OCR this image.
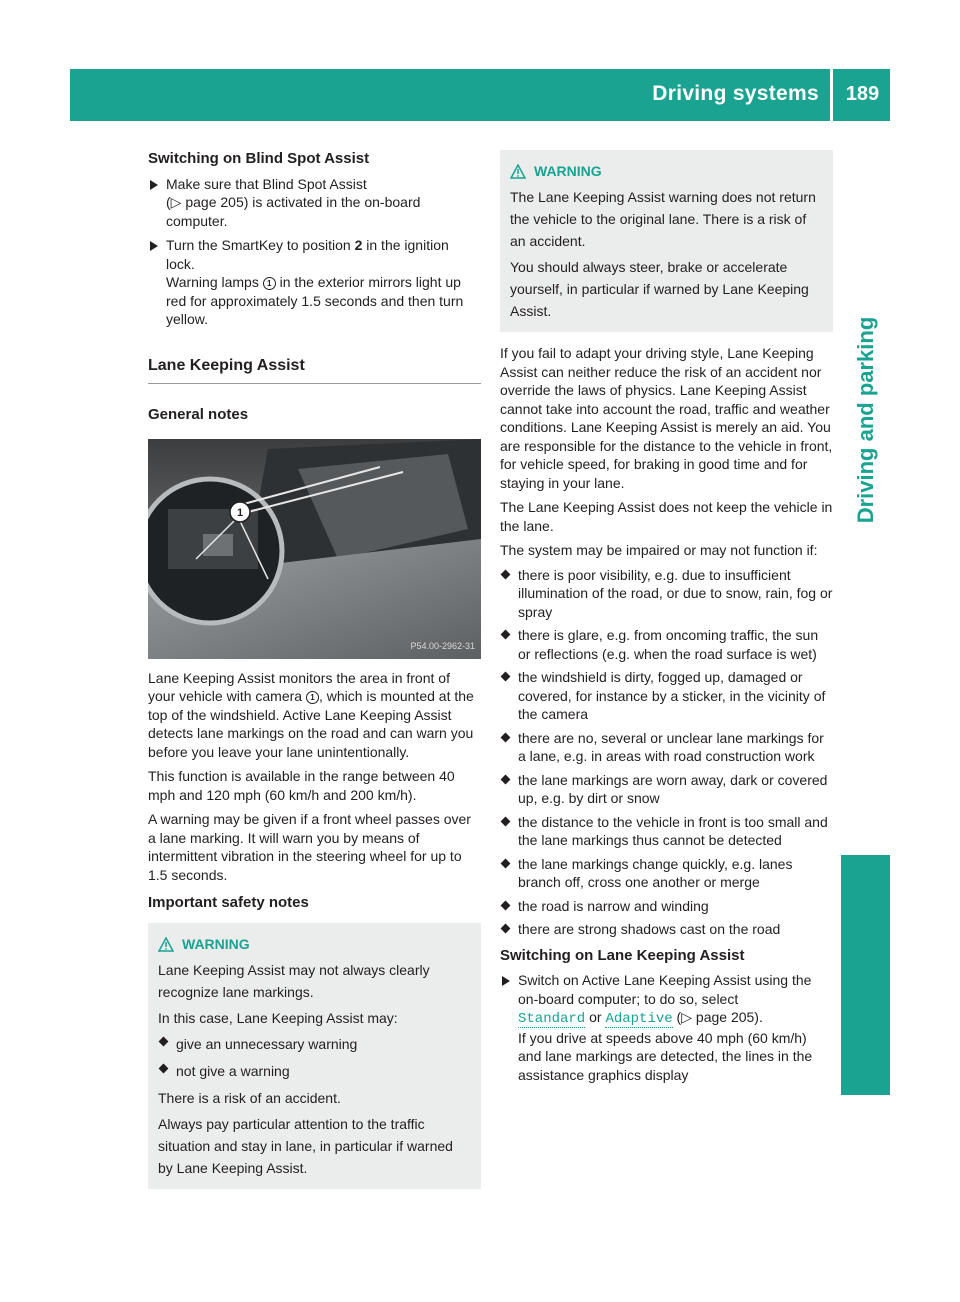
Driving systems 189
Driving and parking
Switching on Blind Spot Assist
Make sure that Blind Spot Assist
(▷ page 205) is activated in the on-board computer.
Turn the SmartKey to position 2 in the ignition lock.
Warning lamps 1 in the exterior mirrors light up red for approximately 1.5 seconds and then turn yellow.
Lane Keeping Assist
General notes
1
P54.00-2962-31

Lane Keeping Assist monitors the area in front of your vehicle with camera 1 , which is mounted at the top of the windshield. Active Lane Keeping Assist detects lane markings on the road and can warn you before you leave your lane unintentionally.

This function is available in the range between 40 mph and 120 mph (60 km/h and 200 km/h).

A warning may be given if a front wheel passes over a lane marking. It will warn you by means of intermittent vibration in the steering wheel for up to 1.5 seconds.

Important safety notes
WARNING

Lane Keeping Assist may not always clearly recognize lane markings.

In this case, Lane Keeping Assist may:

give an unnecessary warning
not give a warning

There is a risk of an accident.

Always pay particular attention to the traffic situation and stay in lane, in particular if warned by Lane Keeping Assist.

WARNING

The Lane Keeping Assist warning does not return the vehicle to the original lane. There is a risk of an accident.

You should always steer, brake or accelerate yourself, in particular if warned by Lane Keeping Assist.

If you fail to adapt your driving style, Lane Keeping Assist can neither reduce the risk of an accident nor override the laws of physics. Lane Keeping Assist cannot take into account the road, traffic and weather conditions. Lane Keeping Assist is merely an aid. You are responsible for the distance to the vehicle in front, for vehicle speed, for braking in good time and for staying in your lane.

The Lane Keeping Assist does not keep the vehicle in the lane.

The system may be impaired or may not function if:

there is poor visibility, e.g. due to insufficient illumination of the road, or due to snow, rain, fog or spray
there is glare, e.g. from oncoming traffic, the sun or reflections (e.g. when the road surface is wet)
the windshield is dirty, fogged up, damaged or covered, for instance by a sticker, in the vicinity of the camera
there are no, several or unclear lane markings for a lane, e.g. in areas with road construction work
the lane markings are worn away, dark or covered up, e.g. by dirt or snow
the distance to the vehicle in front is too small and the lane markings thus cannot be detected
the lane markings change quickly, e.g. lanes branch off, cross one another or merge
the road is narrow and winding
there are strong shadows cast on the road
Switching on Lane Keeping Assist
Switch on Active Lane Keeping Assist using the on-board computer; to do so, select
Standard or Adaptive (▷ page 205).
If you drive at speeds above 40 mph (60 km/h) and lane markings are detected, the lines in the assistance graphics display
